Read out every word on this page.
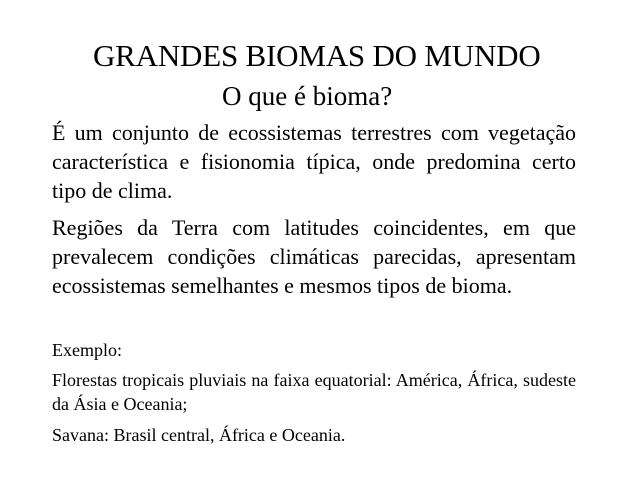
GRANDES BIOMAS DO MUNDO
O que é bioma?
É um conjunto de ecossistemas terrestres com vegetação característica e fisionomia típica, onde predomina certo tipo de clima.
Regiões da Terra com latitudes coincidentes, em que prevalecem condições climáticas parecidas, apresentam ecossistemas semelhantes e mesmos tipos de bioma.
Exemplo:
Florestas tropicais pluviais na faixa equatorial: América, África, sudeste da Ásia e Oceania;
Savana: Brasil central, África e Oceania.
